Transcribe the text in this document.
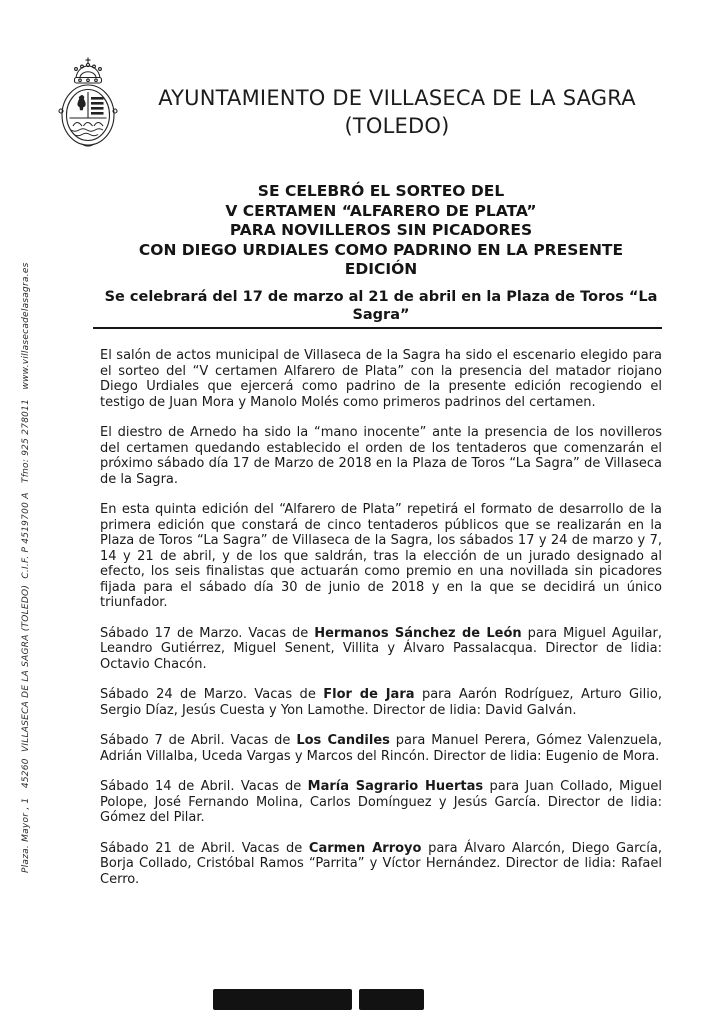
AYUNTAMIENTO DE VILLASECA DE LA SAGRA
(TOLEDO)
SE CELEBRÓ EL SORTEO DEL
V CERTAMEN “ALFARERO DE PLATA”
PARA NOVILLEROS SIN PICADORES
CON DIEGO URDIALES COMO PADRINO EN LA PRESENTE
EDICIÓN
Se celebrará del 17 de marzo al 21 de abril en la Plaza de Toros “La Sagra”

El salón de actos municipal de Villaseca de la Sagra ha sido el escenario elegido para el sorteo del “V certamen Alfarero de Plata” con la presencia del matador riojano Diego Urdiales que ejercerá como padrino de la presente edición recogiendo el testigo de Juan Mora y Manolo Molés como primeros padrinos del certamen.

El diestro de Arnedo ha sido la “mano inocente” ante la presencia de los novilleros del certamen quedando establecido el orden de los tentaderos que comenzarán el próximo sábado día 17 de Marzo de 2018 en la Plaza de Toros “La Sagra” de Villaseca de la Sagra.

En esta quinta edición del “Alfarero de Plata” repetirá el formato de desarrollo de la primera edición que constará de cinco tentaderos públicos que se realizarán en la Plaza de Toros “La Sagra” de Villaseca de la Sagra, los sábados 17 y 24 de marzo y 7, 14 y 21 de abril, y de los que saldrán, tras la elección de un jurado designado al efecto, los seis finalistas que actuarán como premio en una novillada sin picadores fijada para el sábado día 30 de junio de 2018 y en la que se decidirá un único triunfador.

Sábado 17 de Marzo. Vacas de Hermanos Sánchez de León para Miguel Aguilar, Leandro Gutiérrez, Miguel Senent, Villita y Álvaro Passalacqua. Director de lidia: Octavio Chacón.

Sábado 24 de Marzo. Vacas de Flor de Jara para Aarón Rodríguez, Arturo Gilio, Sergio Díaz, Jesús Cuesta y Yon Lamothe. Director de lidia: David Galván.

Sábado 7 de Abril. Vacas de Los Candiles para Manuel Perera, Gómez Valenzuela, Adrián Villalba, Uceda Vargas y Marcos del Rincón. Director de lidia: Eugenio de Mora.

Sábado 14 de Abril. Vacas de María Sagrario Huertas para Juan Collado, Miguel Polope, José Fernando Molina, Carlos Domínguez y Jesús García. Director de lidia: Gómez del Pilar.

Sábado 21 de Abril. Vacas de Carmen Arroyo para Álvaro Alarcón, Diego García, Borja Collado, Cristóbal Ramos “Parrita” y Víctor Hernández. Director de lidia: Rafael Cerro.

Plaza. Mayor , 1   45260  VILLASECA DE LA SAGRA (TOLEDO)  C.I.F. P 4519700 A   Tfno: 925 278011   www.villasecadelasagra.es
